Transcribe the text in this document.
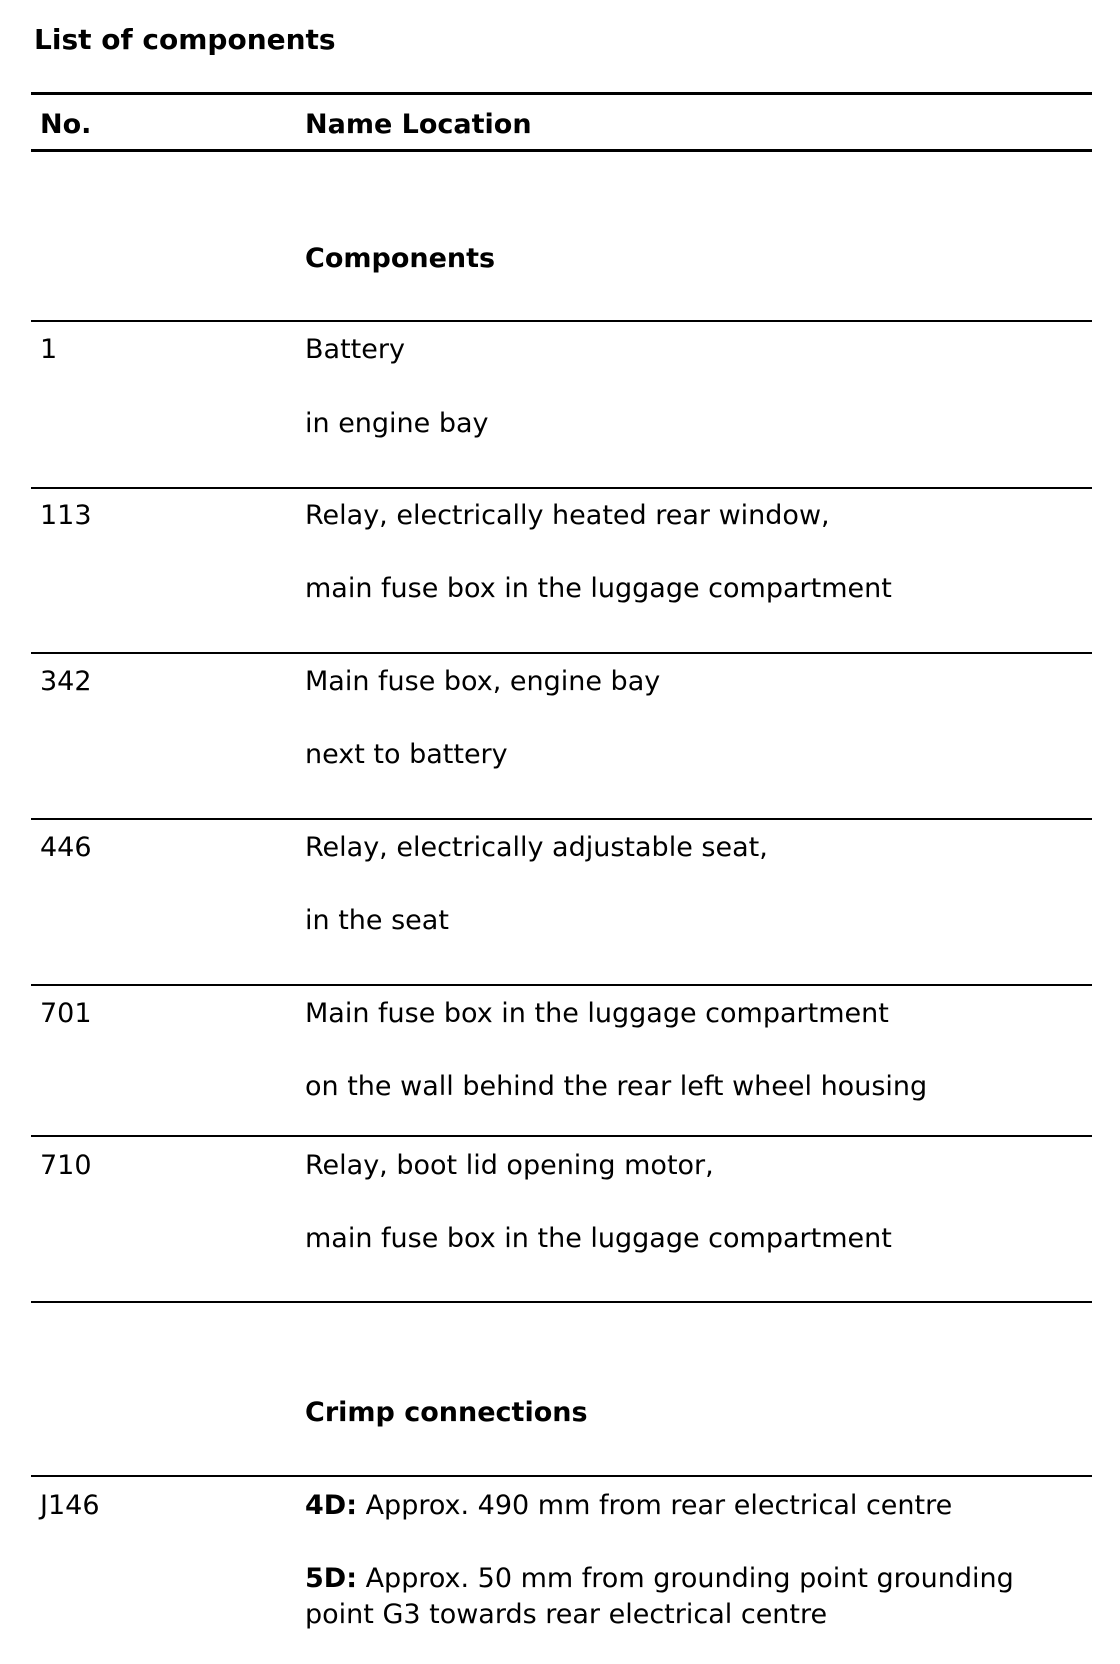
List of components
No.	Name Location
Components
1	Battery
in engine bay
113	Relay, electrically heated rear window,
main fuse box in the luggage compartment
342	Main fuse box, engine bay
next to battery
446	Relay, electrically adjustable seat,
in the seat
701	Main fuse box in the luggage compartment
on the wall behind the rear left wheel housing
710	Relay, boot lid opening motor,
main fuse box in the luggage compartment
Crimp connections
J146	4D: Approx. 490 mm from rear electrical centre
5D: Approx. 50 mm from grounding point grounding point G3 towards rear electrical centre
